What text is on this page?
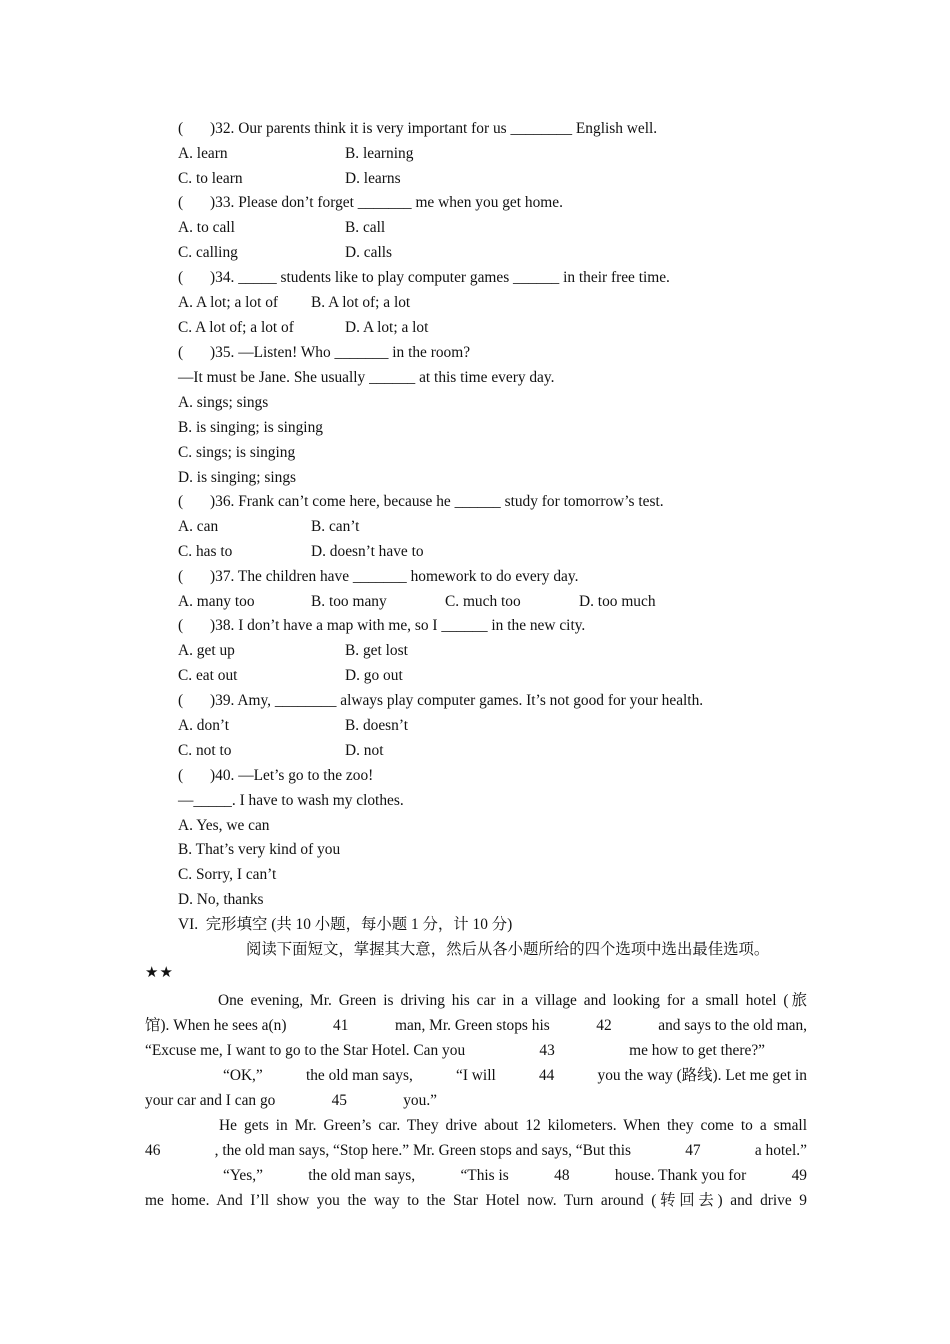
( )32. Our parents think it is very important for us ________ English well.
A. learn	B. learning
C. to learn	D. learns
( )33. Please don’t forget _______ me when you get home.
A. to call	B. call
C. calling	D. calls
( )34. _____ students like to play computer games ______ in their free time.
A. A lot; a lot of B. A lot of; a lot
C. A lot of; a lot of	D. A lot; a lot
( )35. —Listen! Who _______ in the room?
—It must be Jane. She usually ______ at this time every day.
A. sings; sings
B. is singing; is singing
C. sings; is singing
D. is singing; sings
( )36. Frank can’t come here, because he ______ study for tomorrow’s test.
A. can	B. can’t
C. has to	D. doesn’t have to
( )37. The children have _______ homework to do every day.
A. many too	B. too many	C. much too	D. too much
( )38. I don’t have a map with me, so I ______ in the new city.
A. get up	B. get lost
C. eat out	D. go out
( )39. Amy, ________ always play computer games. It’s not good for your health.
A. don’t	B. doesn’t
C. not to	D. not
( )40. —Let’s go to the zoo!
—_____. I have to wash my clothes.
A. Yes, we can
B. That’s very kind of you
C. Sorry, I can’t
D. No, thanks
VI.  完形填空 (共 10 小题，每小题 1 分，计 10 分)
阅读下面短文，掌握其大意，然后从各小题所给的四个选项中选出最佳选项。
★★
One evening, Mr. Green is driving his car in a village and looking for a small hotel (旅
馆). When he sees a(n)	41	man, Mr. Green stops his	42	and says to the old man,
“Excuse me, I want to go to the Star Hotel. Can you	43	me how to get there?”
“OK,”	the old man says,	“I will	44	you the way (路线). Let me get in
your car and I can go	45	you.”
He gets in Mr. Green’s car. They drive about 12 kilometers. When they come to a small
46	, the old man says, “Stop here.” Mr. Green stops and says, “But this	47	a hotel.”
“Yes,”	the old man says,	“This is	48	house. Thank you for	49
me home. And I’ll show you the way to the Star Hotel now. Turn around (转回去) and drive 9
